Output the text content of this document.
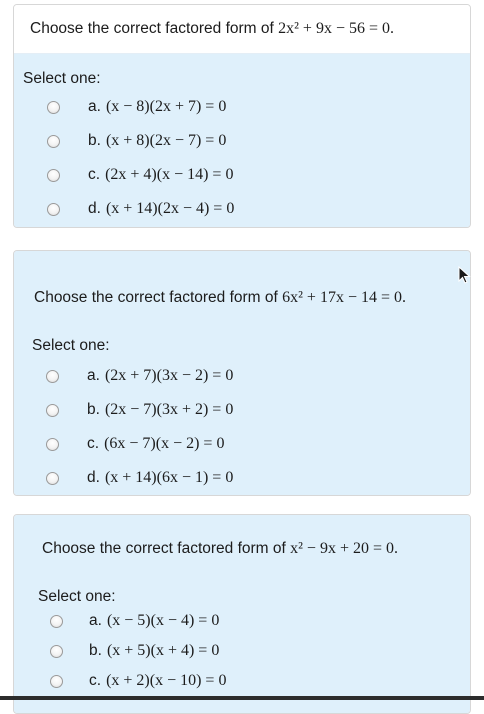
Choose the correct factored form of 2x² + 9x − 56 = 0.
Select one:
a. (x − 8)(2x + 7) = 0
b. (x + 8)(2x − 7) = 0
c. (2x + 4)(x − 14) = 0
d. (x + 14)(2x − 4) = 0
Choose the correct factored form of 6x² + 17x − 14 = 0.
Select one:
a. (2x + 7)(3x − 2) = 0
b. (2x − 7)(3x + 2) = 0
c. (6x − 7)(x − 2) = 0
d. (x + 14)(6x − 1) = 0
Choose the correct factored form of x² − 9x + 20 = 0.
Select one:
a. (x − 5)(x − 4) = 0
b. (x + 5)(x + 4) = 0
c. (x + 2)(x − 10) = 0
